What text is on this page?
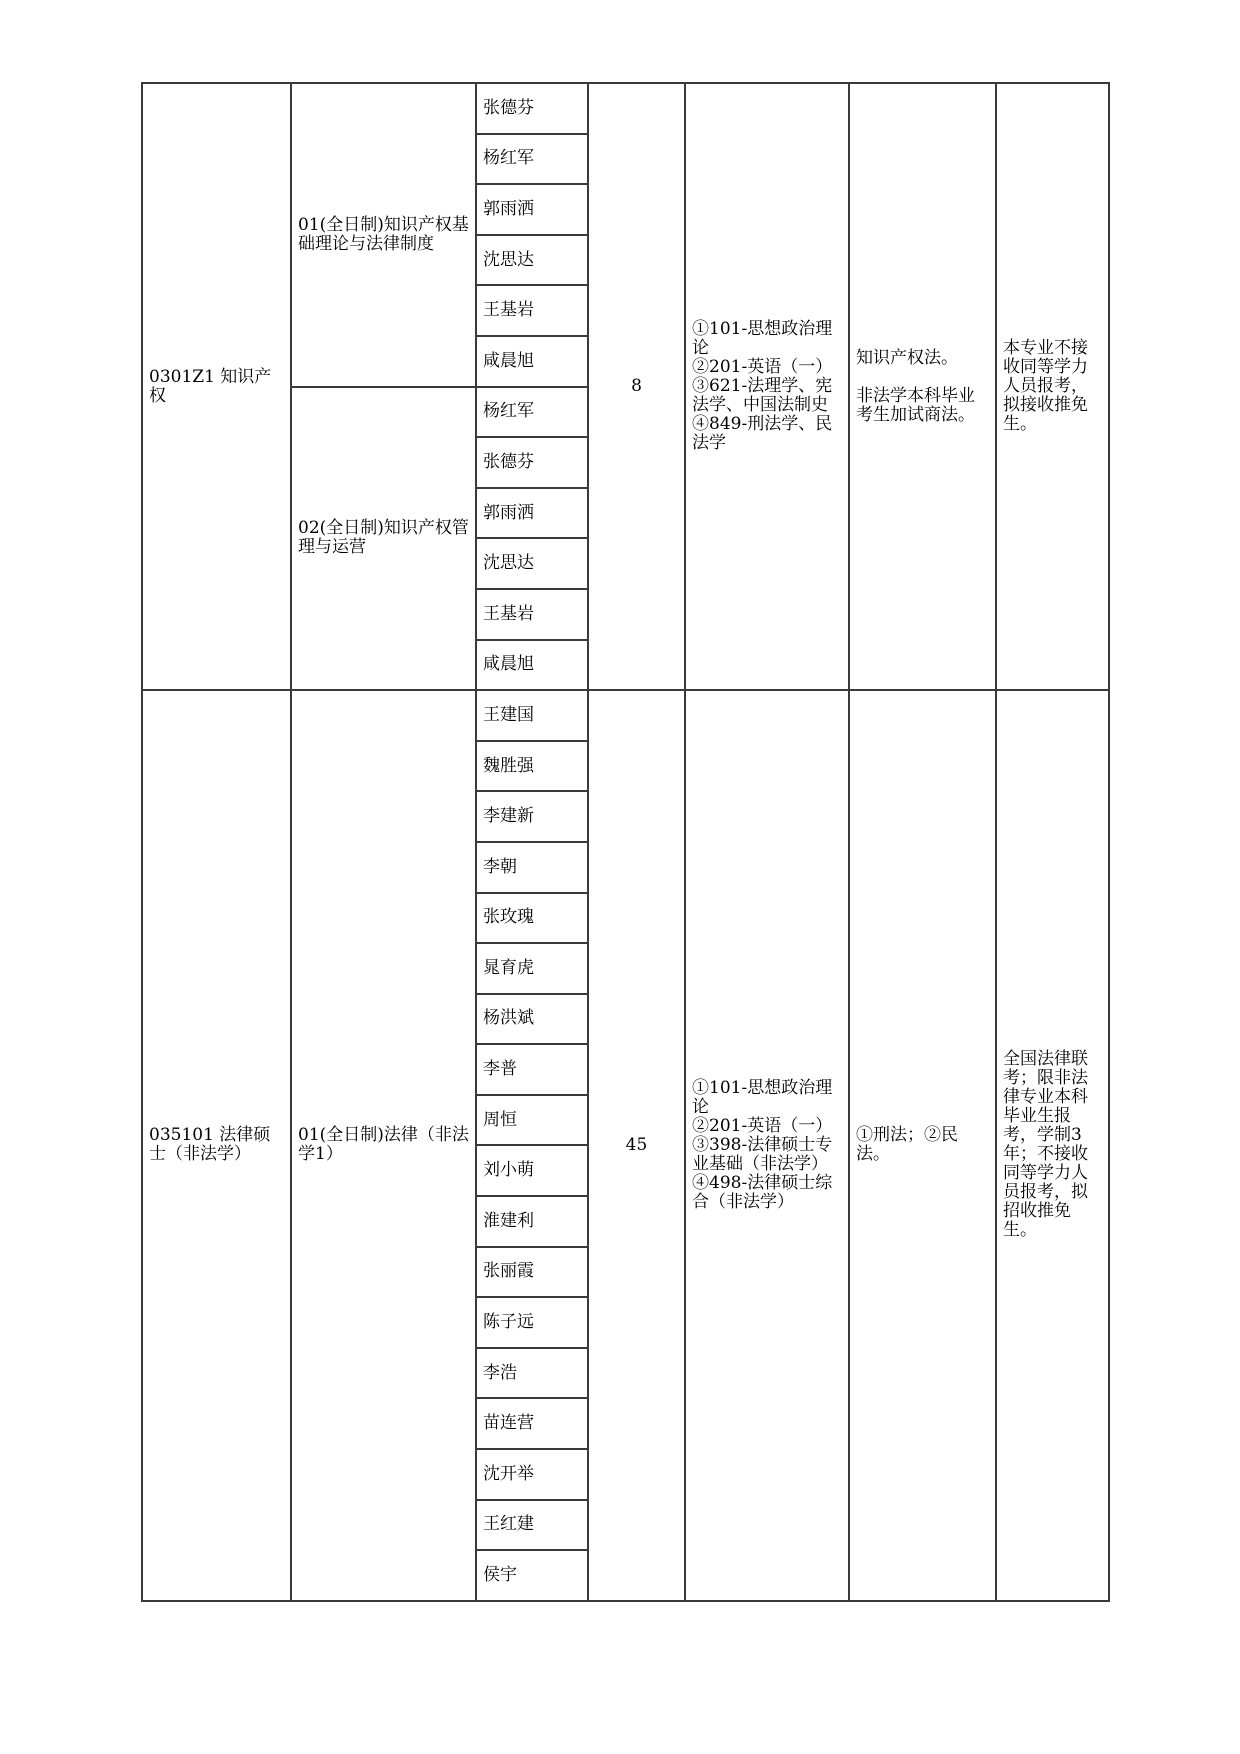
0301Z1 知识产权	01(全日制)知识产权基础理论与法律制度	张德芬	8	①101-思想政治理论
②201-英语（一）
③621-法理学、宪法学、中国法制史
④849-刑法学、民法学	知识产权法。
非法学本科毕业考生加试商法。	本专业不接收同等学力人员报考，拟接收推免生。
		杨红军				
		郭雨洒				
		沈思达				
		王基岩				
		咸晨旭				
	02(全日制)知识产权管理与运营	杨红军				
		张德芬				
		郭雨洒				
		沈思达				
		王基岩				
		咸晨旭				
035101 法律硕士（非法学）	01(全日制)法律（非法学1）	王建国	45	①101-思想政治理论
②201-英语（一）
③398-法律硕士专业基础（非法学）
④498-法律硕士综合（非法学）	①刑法；②民法。	全国法律联考；限非法律专业本科毕业生报考，学制3年；不接收同等学力人员报考，拟招收推免生。
		魏胜强				
		李建新				
		李朝				
		张玫瑰				
		晁育虎				
		杨洪斌				
		李普				
		周恒				
		刘小萌				
		淮建利				
		张丽霞				
		陈子远				
		李浩				
		苗连营				
		沈开举				
		王红建				
		侯宇				
